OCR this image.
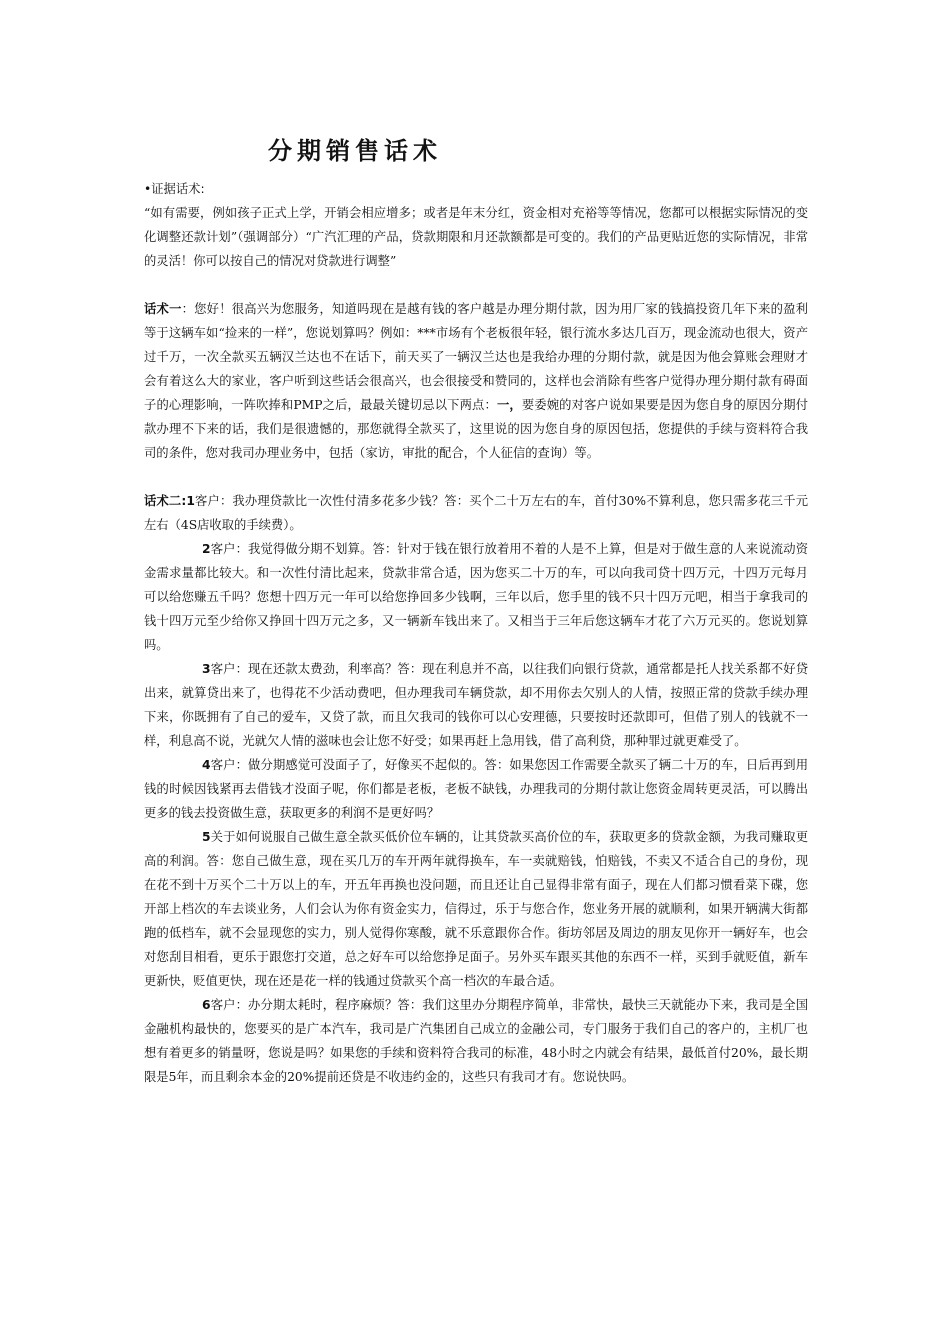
分期销售话术

•证据话术:

“如有需要，例如孩子正式上学，开销会相应增多；或者是年末分红，资金相对充裕等等情况，您都可以根据实际情况的变化调整还款计划”（强调部分）“广汽汇理的产品，贷款期限和月还款额都是可变的。我们的产品更贴近您的实际情况，非常的灵活！你可以按自己的情况对贷款进行调整”

话术一：您好！很高兴为您服务，知道吗现在是越有钱的客户越是办理分期付款，因为用厂家的钱搞投资几年下来的盈利等于这辆车如“捡来的一样”，您说划算吗？例如：***市场有个老板很年轻，银行流水多达几百万，现金流动也很大，资产过千万，一次全款买五辆汉兰达也不在话下，前天买了一辆汉兰达也是我给办理的分期付款，就是因为他会算账会理财才会有着这么大的家业，客户听到这些话会很高兴，也会很接受和赞同的，这样也会消除有些客户觉得办理分期付款有碍面子的心理影响，一阵吹捧和PMP之后，最最关键切忌以下两点：一，要委婉的对客户说如果要是因为您自身的原因分期付款办理不下来的话，我们是很遗憾的，那您就得全款买了，这里说的因为您自身的原因包括，您提供的手续与资料符合我司的条件，您对我司办理业务中，包括（家访，审批的配合，个人征信的查询）等。

话术二:1客户：我办理贷款比一次性付清多花多少钱？答：买个二十万左右的车，首付30%不算利息，您只需多花三千元左右（4S店收取的手续费）。

2客户：我觉得做分期不划算。答：针对于钱在银行放着用不着的人是不上算，但是对于做生意的人来说流动资金需求量都比较大。和一次性付清比起来，贷款非常合适，因为您买二十万的车，可以向我司贷十四万元，十四万元每月可以给您赚五千吗？您想十四万元一年可以给您挣回多少钱啊，三年以后，您手里的钱不只十四万元吧，相当于拿我司的钱十四万元至少给你又挣回十四万元之多，又一辆新车钱出来了。又相当于三年后您这辆车才花了六万元买的。您说划算吗。

3客户：现在还款太费劲，利率高？答：现在利息并不高，以往我们向银行贷款，通常都是托人找关系都不好贷出来，就算贷出来了，也得花不少活动费吧，但办理我司车辆贷款，却不用你去欠别人的人情，按照正常的贷款手续办理下来，你既拥有了自己的爱车，又贷了款，而且欠我司的钱你可以心安理德，只要按时还款即可，但借了别人的钱就不一样，利息高不说，光就欠人情的滋味也会让您不好受；如果再赶上急用钱，借了高利贷，那种罪过就更难受了。

4客户：做分期感觉可没面子了，好像买不起似的。答：如果您因工作需要全款买了辆二十万的车，日后再到用钱的时候因钱紧再去借钱才没面子呢，你们都是老板，老板不缺钱，办理我司的分期付款让您资金周转更灵活，可以腾出更多的钱去投资做生意，获取更多的利润不是更好吗？

5关于如何说服自己做生意全款买低价位车辆的，让其贷款买高价位的车，获取更多的贷款金额，为我司赚取更高的利润。答：您自己做生意，现在买几万的车开两年就得换车，车一卖就赔钱，怕赔钱，不卖又不适合自己的身份，现在花不到十万买个二十万以上的车，开五年再换也没问题，而且还让自己显得非常有面子，现在人们都习惯看菜下碟，您开部上档次的车去谈业务，人们会认为你有资金实力，信得过，乐于与您合作，您业务开展的就顺利，如果开辆满大街都跑的低档车，就不会显现您的实力，别人觉得你寒酸，就不乐意跟你合作。街坊邻居及周边的朋友见你开一辆好车，也会对您刮目相看，更乐于跟您打交道，总之好车可以给您挣足面子。另外买车跟买其他的东西不一样，买到手就贬值，新车更新快，贬值更快，现在还是花一样的钱通过贷款买个高一档次的车最合适。

6客户：办分期太耗时，程序麻烦？答：我们这里办分期程序简单，非常快，最快三天就能办下来，我司是全国金融机构最快的，您要买的是广本汽车，我司是广汽集团自己成立的金融公司，专门服务于我们自己的客户的，主机厂也想有着更多的销量呀，您说是吗？如果您的手续和资料符合我司的标准，48小时之内就会有结果，最低首付20%，最长期限是5年，而且剩余本金的20%提前还贷是不收违约金的，这些只有我司才有。您说快吗。
